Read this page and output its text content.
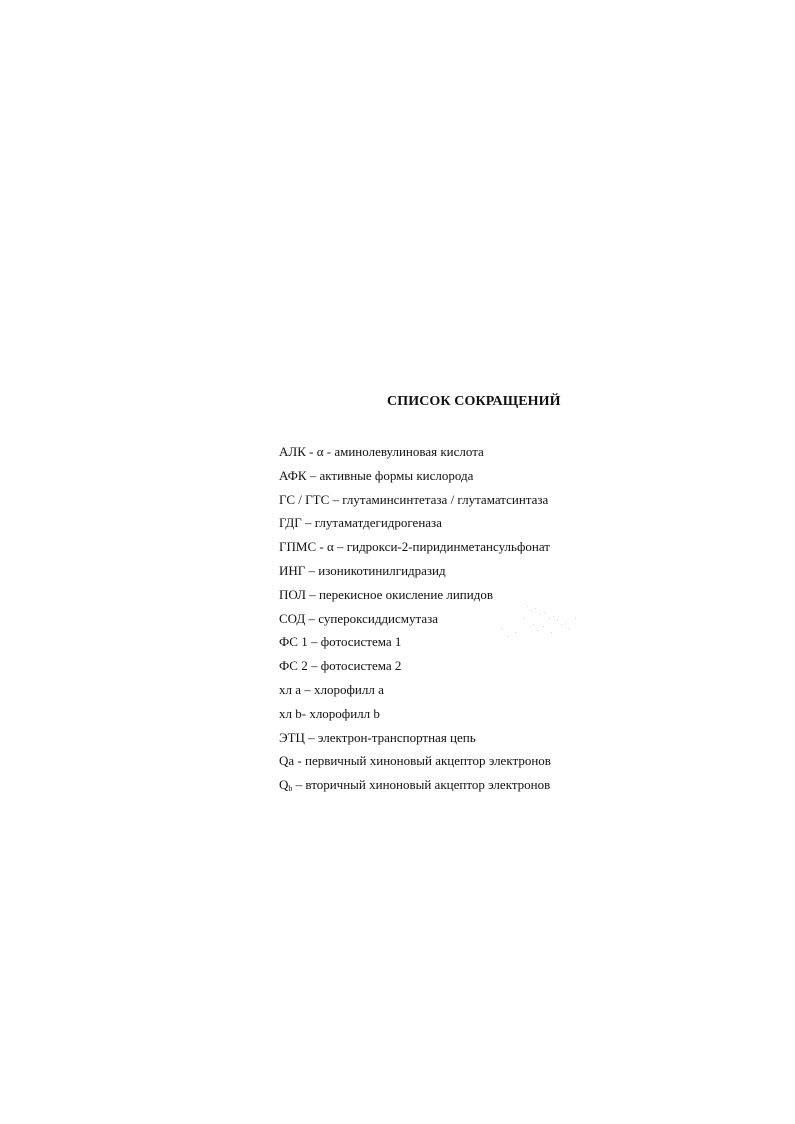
СПИСОК СОКРАЩЕНИЙ
АЛК - α - аминолевулиновая кислота
АФК – активные формы кислорода
ГС / ГТС – глутаминсинтетаза / глутаматсинтаза
ГДГ – глутаматдегидрогеназа
ГПМС - α – гидрокси-2-пиридинметансульфонат
ИНГ – изоникотинилгидразид
ПОЛ – перекисное окисление липидов
СОД – супероксиддисмутаза
ФС 1 – фотосистема 1
ФС 2 – фотосистема 2
хл а – хлорофилл а
хл b- хлорофилл b
ЭТЦ – электрон-транспортная цепь
Qa - первичный хиноновый акцептор электронов
$Q_b$ – вторичный хиноновый акцептор электронов
